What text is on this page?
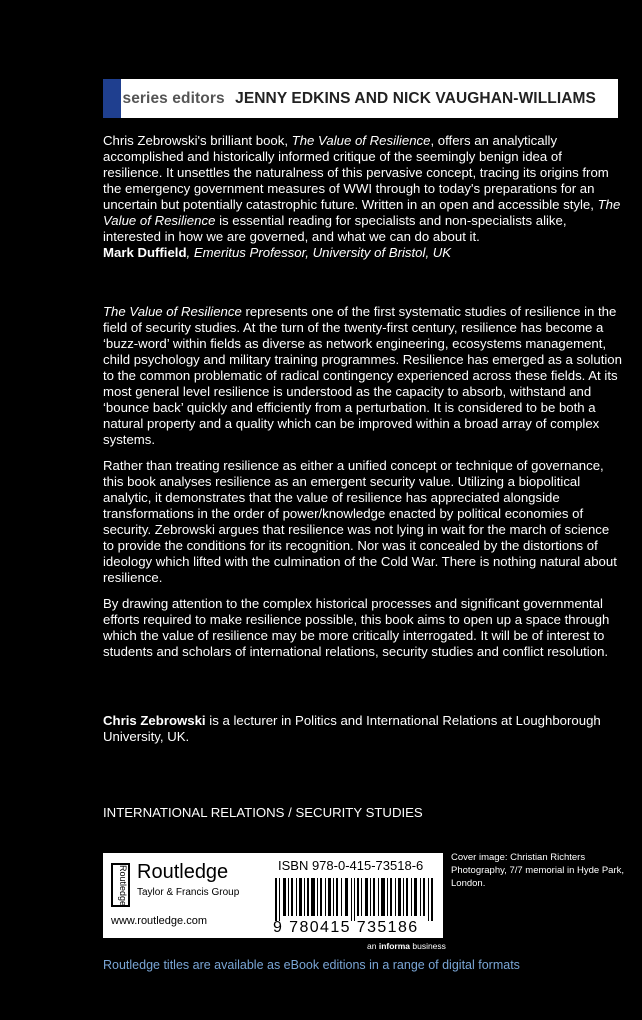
series editors JENNY EDKINS AND NICK VAUGHAN-WILLIAMS

Chris Zebrowski's brilliant book, The Value of Resilience, offers an analytically accomplished and historically informed critique of the seemingly benign idea of resilience. It unsettles the naturalness of this pervasive concept, tracing its origins from the emergency government measures of WWI through to today's preparations for an uncertain but potentially catastrophic future. Written in an open and accessible style, The Value of Resilience is essential reading for specialists and non-specialists alike, interested in how we are governed, and what we can do about it.

Mark Duffield, Emeritus Professor, University of Bristol, UK

The Value of Resilience represents one of the first systematic studies of resilience in the field of security studies. At the turn of the twenty-first century, resilience has become a ‘buzz-word’ within fields as diverse as network engineering, ecosystems management, child psychology and military training programmes. Resilience has emerged as a solution to the common problematic of radical contingency experienced across these fields. At its most general level resilience is understood as the capacity to absorb, withstand and ‘bounce back’ quickly and efficiently from a perturbation. It is considered to be both a natural property and a quality which can be improved within a broad array of complex systems.

Rather than treating resilience as either a unified concept or technique of governance, this book analyses resilience as an emergent security value. Utilizing a biopolitical analytic, it demonstrates that the value of resilience has appreciated alongside transformations in the order of power/knowledge enacted by political economies of security. Zebrowski argues that resilience was not lying in wait for the march of science to provide the conditions for its recognition. Nor was it concealed by the distortions of ideology which lifted with the culmination of the Cold War. There is nothing natural about resilience.

By drawing attention to the complex historical processes and significant governmental efforts required to make resilience possible, this book aims to open up a space through which the value of resilience may be more critically interrogated. It will be of interest to students and scholars of international relations, security studies and conflict resolution.

Chris Zebrowski is a lecturer in Politics and International Relations at Loughborough University, UK.

INTERNATIONAL RELATIONS / SECURITY STUDIES
Routledge Routledge
Taylor & Francis Group
www.routledge.com
ISBN 978-0-415-73518-6
9 780415 735186
Cover image: Christian Richters Photography, 7/7 memorial in Hyde Park, London.
an informa business
Routledge titles are available as eBook editions in a range of digital formats
